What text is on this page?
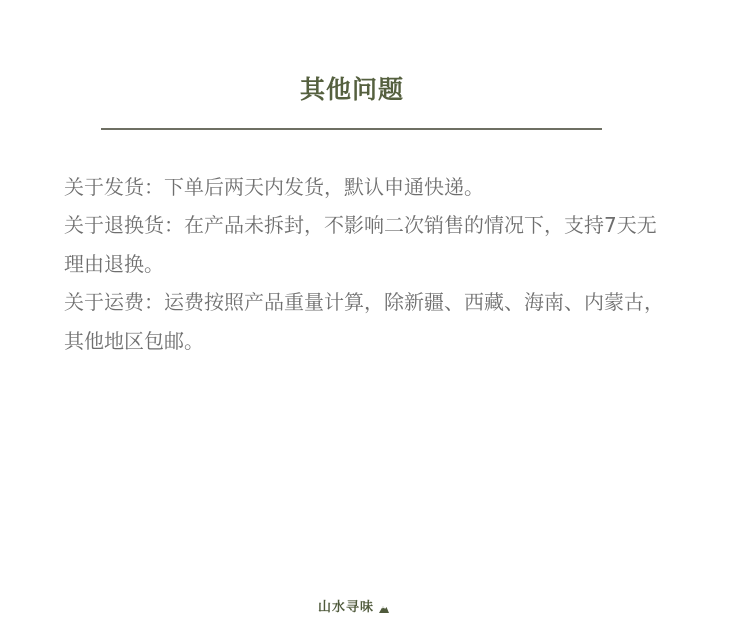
其他问题

关于发货：下单后两天内发货，默认申通快递。

关于退换货：在产品未拆封，不影响二次销售的情况下，支持7天无理由退换。

关于运费：运费按照产品重量计算，除新疆、西藏、海南、内蒙古，其他地区包邮。

山水寻味
